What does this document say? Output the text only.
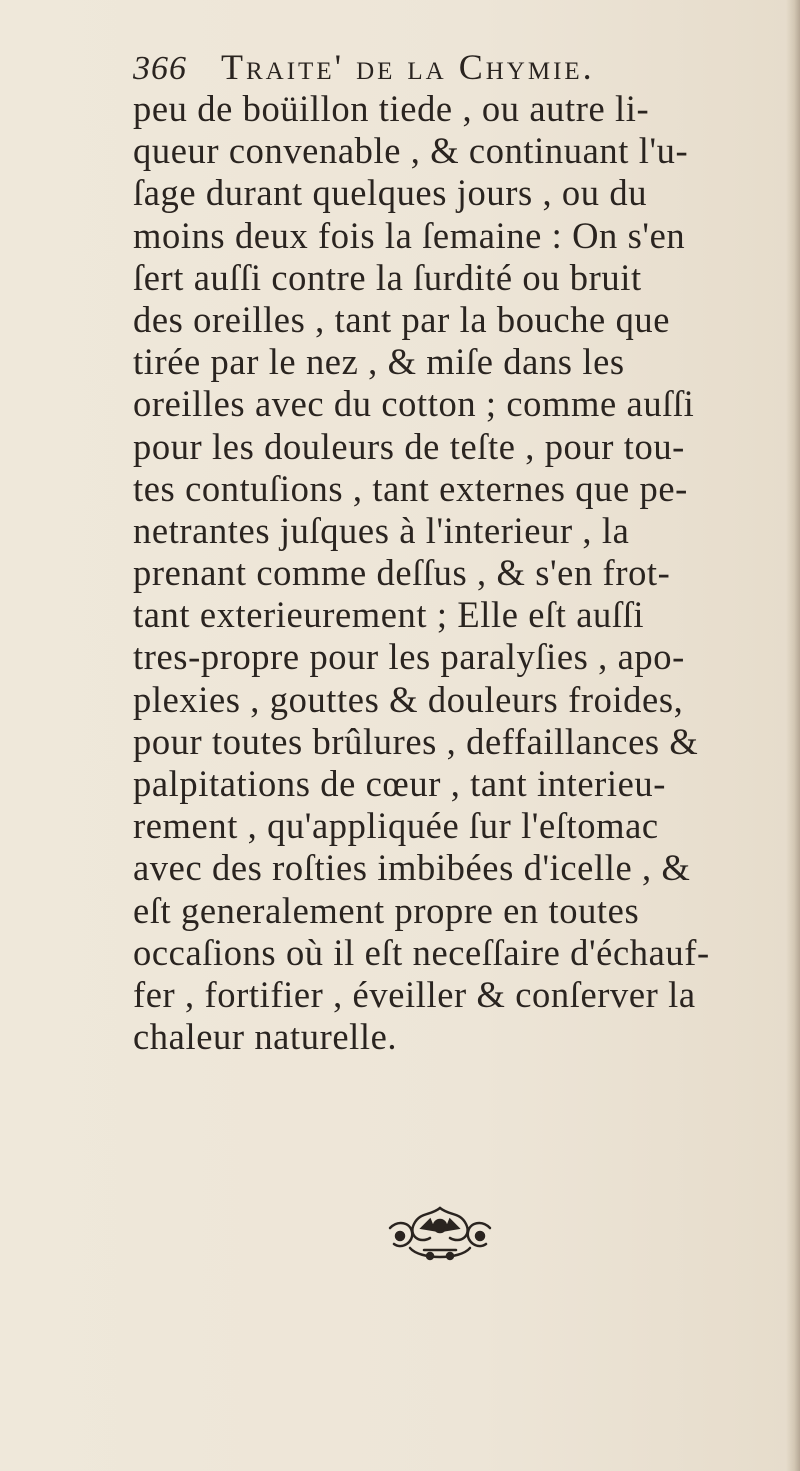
366 Traite' de la Chymie.
peu de boüillon tiede , ou autre li-
queur convenable , & continuant l'u-
ſage durant quelques jours , ou du
moins deux fois la ſemaine : On s'en
ſert auſſi contre la ſurdité ou bruit
des oreilles , tant par la bouche que
tirée par le nez , & miſe dans les
oreilles avec du cotton ; comme auſſi
pour les douleurs de teſte , pour tou-
tes contuſions , tant externes que pe-
netrantes juſques à l'interieur , la
prenant comme deſſus , & s'en frot-
tant exterieurement ; Elle eſt auſſi
tres-propre pour les paralyſies , apo-
plexies , gouttes & douleurs froides,
pour toutes brûlures , deffaillances &
palpitations de cœur , tant interieu-
rement , qu'appliquée ſur l'eſtomac
avec des roſties imbibées d'icelle , &
eſt generalement propre en toutes
occaſions où il eſt neceſſaire d'échauf-
fer , fortifier , éveiller & conſerver la
chaleur naturelle.
